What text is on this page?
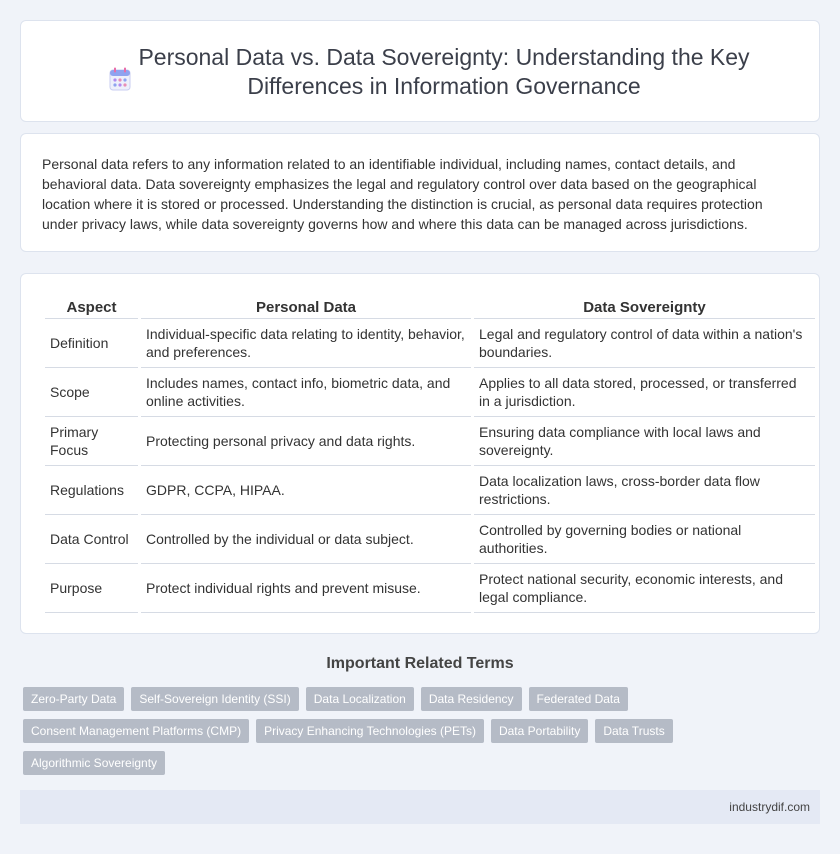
Personal Data vs. Data Sovereignty: Understanding the Key Differences in Information Governance

Personal data refers to any information related to an identifiable individual, including names, contact details, and behavioral data. Data sovereignty emphasizes the legal and regulatory control over data based on the geographical location where it is stored or processed. Understanding the distinction is crucial, as personal data requires protection under privacy laws, while data sovereignty governs how and where this data can be managed across jurisdictions.

Aspect	Personal Data	Data Sovereignty
Definition	Individual-specific data relating to identity, behavior, and preferences.	Legal and regulatory control of data within a nation's boundaries.
Scope	Includes names, contact info, biometric data, and online activities.	Applies to all data stored, processed, or transferred in a jurisdiction.
Primary Focus	Protecting personal privacy and data rights.	Ensuring data compliance with local laws and sovereignty.
Regulations	GDPR, CCPA, HIPAA.	Data localization laws, cross-border data flow restrictions.
Data Control	Controlled by the individual or data subject.	Controlled by governing bodies or national authorities.
Purpose	Protect individual rights and prevent misuse.	Protect national security, economic interests, and legal compliance.
Important Related Terms
Zero-Party Data	Self-Sovereign Identity (SSI)	Data Localization	Data Residency	Federated Data
Consent Management Platforms (CMP)	Privacy Enhancing Technologies (PETs)	Data Portability	Data Trusts
Algorithmic Sovereignty
industrydif.com
